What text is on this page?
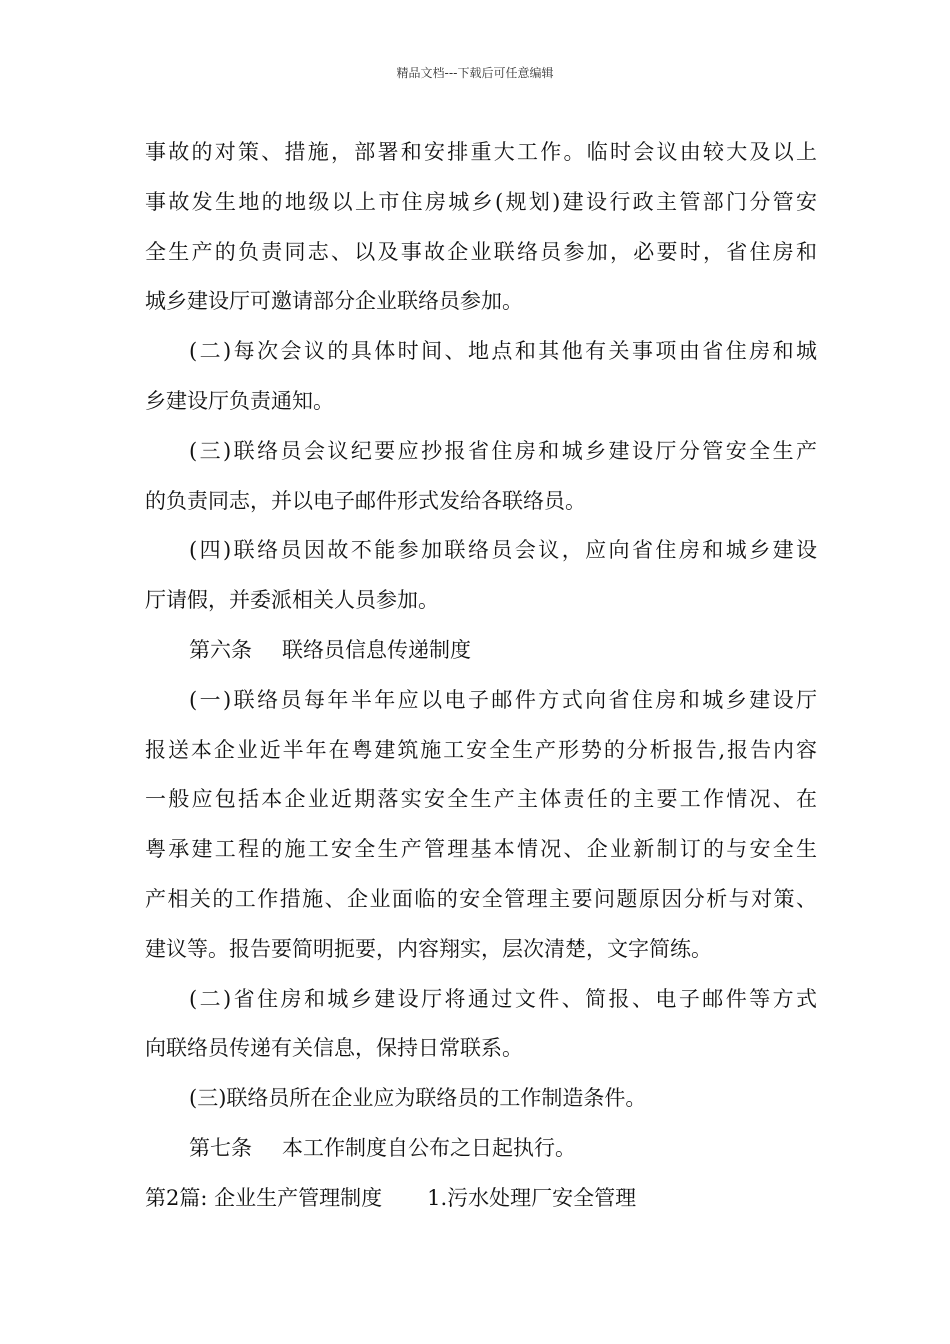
精品文档---下载后可任意编辑
事故的对策、措施，部署和安排重大工作。临时会议由较大及以上
事故发生地的地级以上市住房城乡(规划)建设行政主管部门分管安
全生产的负责同志、以及事故企业联络员参加，必要时，省住房和
城乡建设厅可邀请部分企业联络员参加。
(二)每次会议的具体时间、地点和其他有关事项由省住房和城
乡建设厅负责通知。
(三)联络员会议纪要应抄报省住房和城乡建设厅分管安全生产
的负责同志，并以电子邮件形式发给各联络员。
(四)联络员因故不能参加联络员会议，应向省住房和城乡建设
厅请假，并委派相关人员参加。
第六条 联络员信息传递制度
(一)联络员每年半年应以电子邮件方式向省住房和城乡建设厅
报送本企业近半年在粤建筑施工安全生产形势的分析报告,报告内容
一般应包括本企业近期落实安全生产主体责任的主要工作情况、在
粤承建工程的施工安全生产管理基本情况、企业新制订的与安全生
产相关的工作措施、企业面临的安全管理主要问题原因分析与对策、
建议等。报告要简明扼要，内容翔实，层次清楚，文字简练。
(二)省住房和城乡建设厅将通过文件、简报、电子邮件等方式
向联络员传递有关信息，保持日常联系。
(三)联络员所在企业应为联络员的工作制造条件。
第七条 本工作制度自公布之日起执行。
第2篇: 企业生产管理制度 1.污水处理厂安全管理
